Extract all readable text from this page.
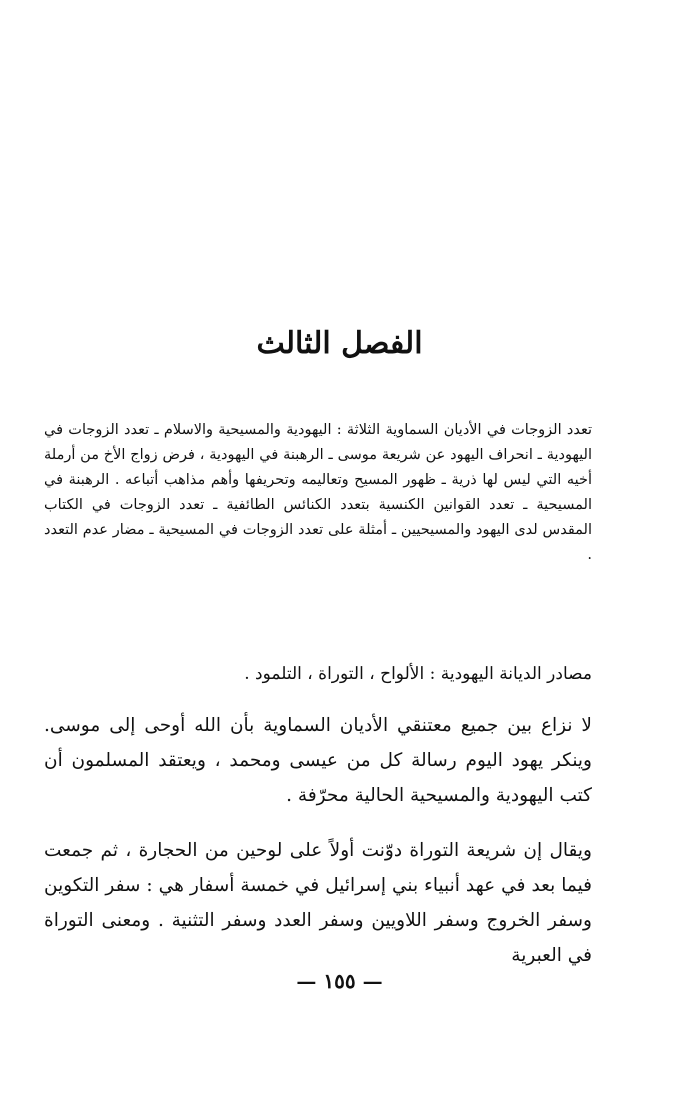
الفصل الثالث

تعدد الزوجات في الأديان السماوية الثلاثة : اليهودية والمسيحية والاسلام ـ تعدد الزوجات في اليهودية ـ انحراف اليهود عن شريعة موسى ـ الرهبنة في اليهودية ، فرض زواج الأخ من أرملة أخيه التي ليس لها ذرية ـ ظهور المسيح وتعاليمه وتحريفها وأهم مذاهب أتباعه . الرهبنة في المسيحية ـ تعدد القوانين الكنسية بتعدد الكنائس الطائفية ـ تعدد الزوجات في الكتاب المقدس لدى اليهود والمسيحيين ـ أمثلة على تعدد الزوجات في المسيحية ـ مضار عدم التعدد .

مصادر الديانة اليهودية : الألواح ، التوراة ، التلمود .

لا نزاع بين جميع معتنقي الأديان السماوية بأن الله أوحى إلى موسى. وينكر يهود اليوم رسالة كل من عيسى ومحمد ، ويعتقد المسلمون أن كتب اليهودية والمسيحية الحالية محرّفة .

ويقال إن شريعة التوراة دوّنت أولاً على لوحين من الحجارة ، ثم جمعت فيما بعد في عهد أنبياء بني إسرائيل في خمسة أسفار هي : سفر التكوين وسفر الخروج وسفر اللاويين وسفر العدد وسفر التثنية . ومعنى التوراة في العبرية

— ١٥٥ —
